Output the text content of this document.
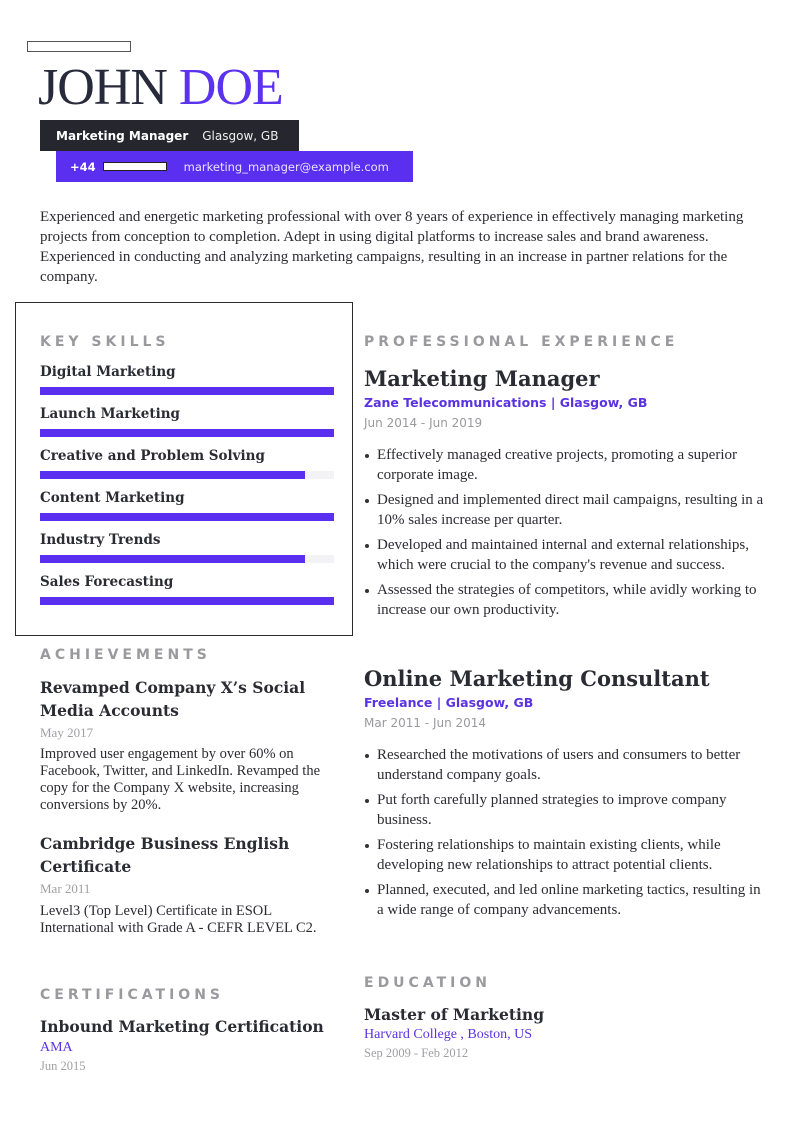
JOHN DOE
Marketing Manager Glasgow, GB
+44	marketing_manager@example.com
Experienced and energetic marketing professional with over 8 years of experience in effectively managing marketing projects from conception to completion. Adept in using digital platforms to increase sales and brand awareness. Experienced in conducting and analyzing marketing campaigns, resulting in an increase in partner relations for the company.
KEY SKILLS
Digital Marketing
Launch Marketing
Creative and Problem Solving
Content Marketing
Industry Trends
Sales Forecasting
PROFESSIONAL EXPERIENCE
Marketing Manager
Zane Telecommunications | Glasgow, GB
Jun 2014 - Jun 2019
Effectively managed creative projects, promoting a superior corporate image.
Designed and implemented direct mail campaigns, resulting in a 10% sales increase per quarter.
Developed and maintained internal and external relationships, which were crucial to the company's revenue and success.
Assessed the strategies of competitors, while avidly working to increase our own productivity.
Online Marketing Consultant
Freelance | Glasgow, GB
Mar 2011 - Jun 2014
Researched the motivations of users and consumers to better understand company goals.
Put forth carefully planned strategies to improve company business.
Fostering relationships to maintain existing clients, while developing new relationships to attract potential clients.
Planned, executed, and led online marketing tactics, resulting in a wide range of company advancements.
ACHIEVEMENTS
Revamped Company X’s Social Media Accounts
May 2017
Improved user engagement by over 60% on Facebook, Twitter, and LinkedIn. Revamped the copy for the Company X website, increasing conversions by 20%.
Cambridge Business English Certificate
Mar 2011
Level3 (Top Level) Certificate in ESOL International with Grade A - CEFR LEVEL C2.
CERTIFICATIONS
Inbound Marketing Certification
AMA
Jun 2015
EDUCATION
Master of Marketing
Harvard College , Boston, US
Sep 2009 - Feb 2012
